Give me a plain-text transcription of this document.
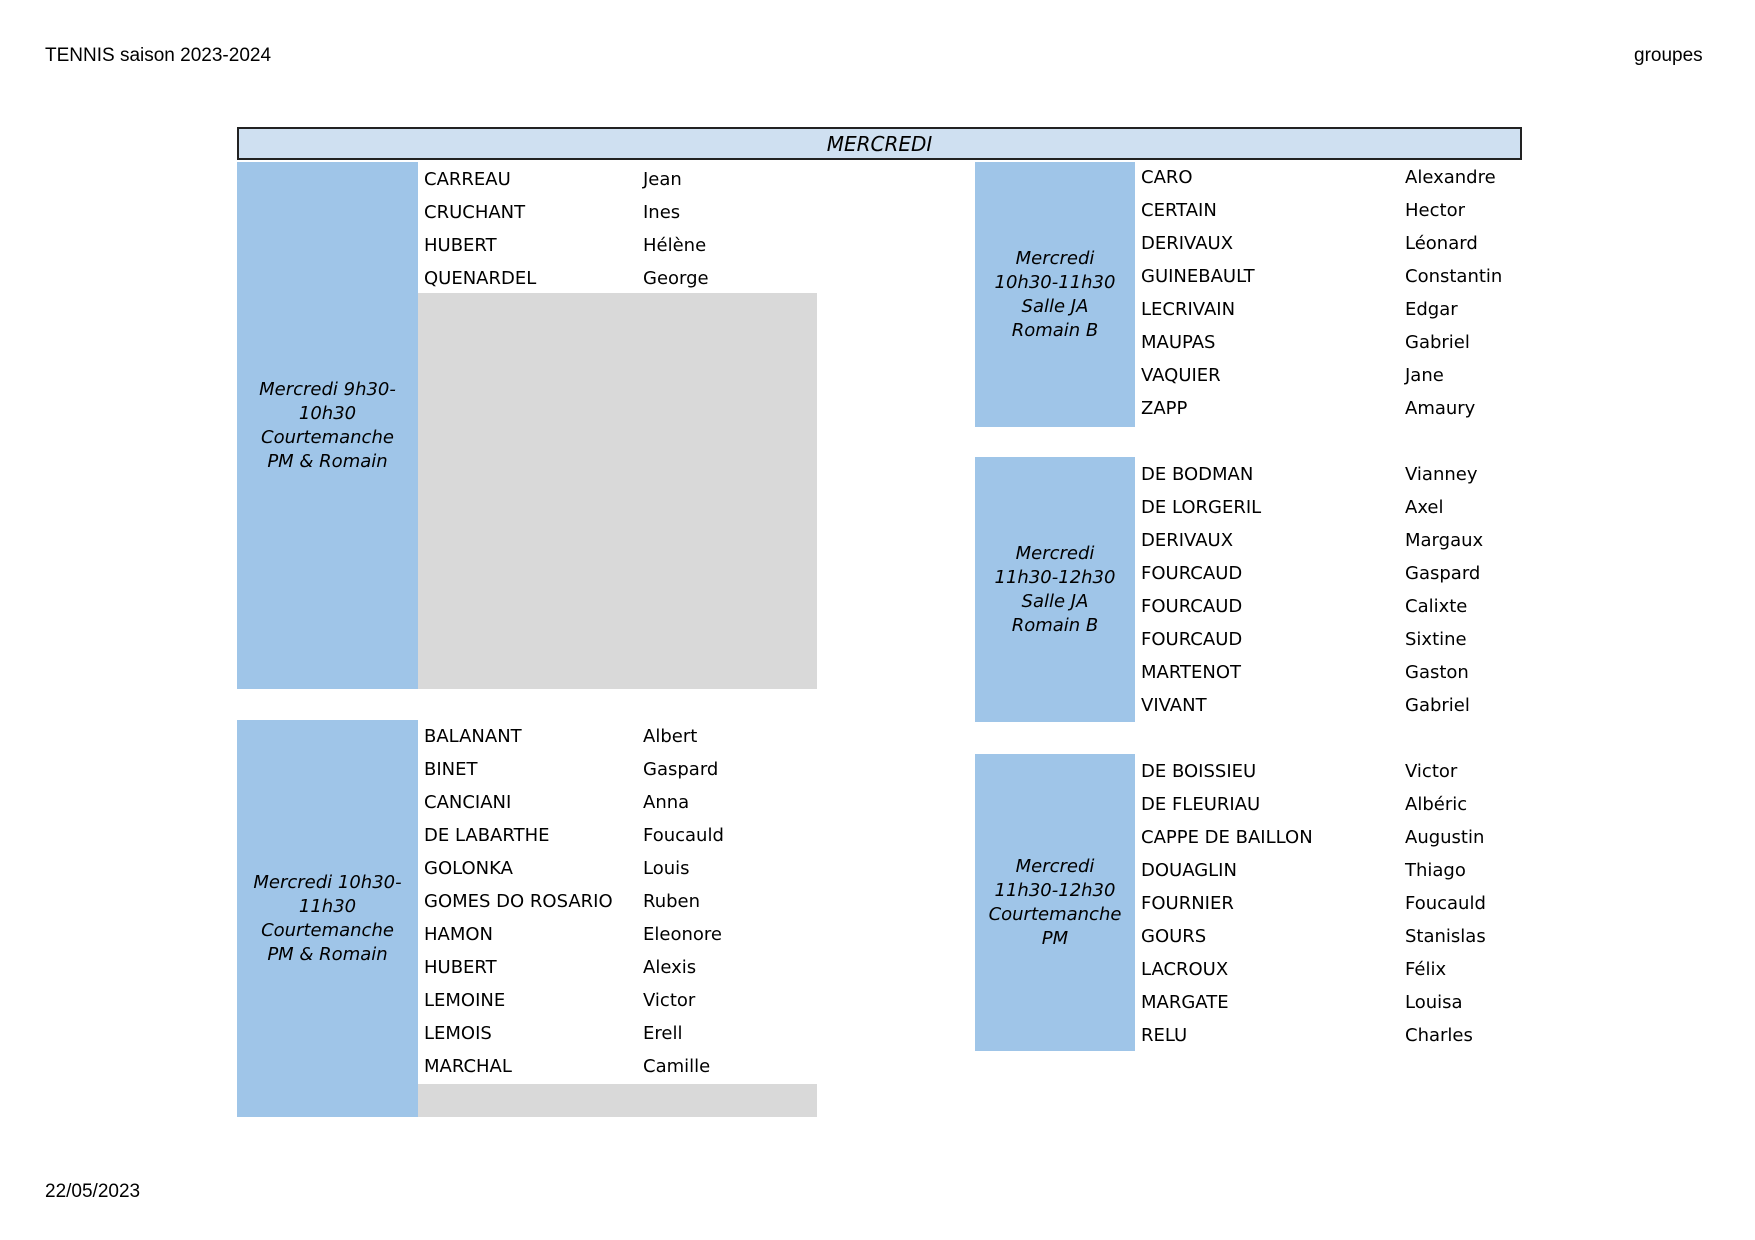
TENNIS saison 2023-2024	groupes
22/05/2023
MERCREDI
Mercredi 9h30-
10h30
Courtemanche
PM & Romain
CARREAU	Jean
CRUCHANT	Ines
HUBERT	Hélène
QUENARDEL	George
Mercredi 10h30-
11h30
Courtemanche
PM & Romain
BALANANT	Albert
BINET	Gaspard
CANCIANI	Anna
DE LABARTHE	Foucauld
GOLONKA	Louis
GOMES DO ROSARIO Ruben
HAMON	Eleonore
HUBERT	Alexis
LEMOINE	Victor
LEMOIS	Erell
MARCHAL	Camille
Mercredi
10h30-11h30
Salle JA
Romain B
CARO	Alexandre
CERTAIN	Hector
DERIVAUX	Léonard
GUINEBAULT	Constantin
LECRIVAIN	Edgar
MAUPAS	Gabriel
VAQUIER	Jane
ZAPP	Amaury
Mercredi
11h30-12h30
Salle JA
Romain B
DE BODMAN	Vianney
DE LORGERIL	Axel
DERIVAUX	Margaux
FOURCAUD	Gaspard
FOURCAUD	Calixte
FOURCAUD	Sixtine
MARTENOT	Gaston
VIVANT	Gabriel
Mercredi
11h30-12h30
Courtemanche
PM
DE BOISSIEU	Victor
DE FLEURIAU	Albéric
CAPPE DE BAILLON	Augustin
DOUAGLIN	Thiago
FOURNIER	Foucauld
GOURS	Stanislas
LACROUX	Félix
MARGATE	Louisa
RELU	Charles
